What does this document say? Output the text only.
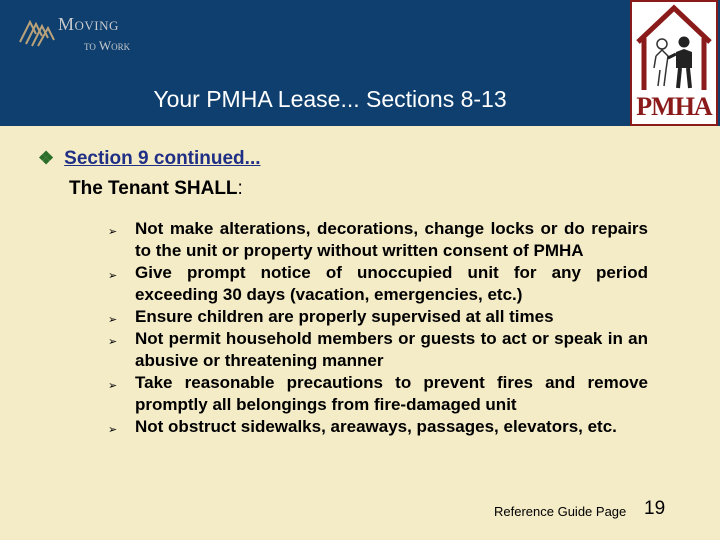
Moving
to Work
Your PMHA Lease... Sections 8-13	PMHA
❖ Section 9 continued...
The Tenant SHALL:
➢ Not make alterations, decorations, change locks or do repairs to the unit or property without written consent of PMHA
➢ Give prompt notice of unoccupied unit for any period exceeding 30 days (vacation, emergencies, etc.)
➢ Ensure children are properly supervised at all times
➢ Not permit household members or guests to act or speak in an abusive or threatening manner
➢ Take reasonable precautions to prevent fires and remove promptly all belongings from fire-damaged unit
➢ Not obstruct sidewalks, areaways, passages, elevators, etc.
Reference Guide Page 19
